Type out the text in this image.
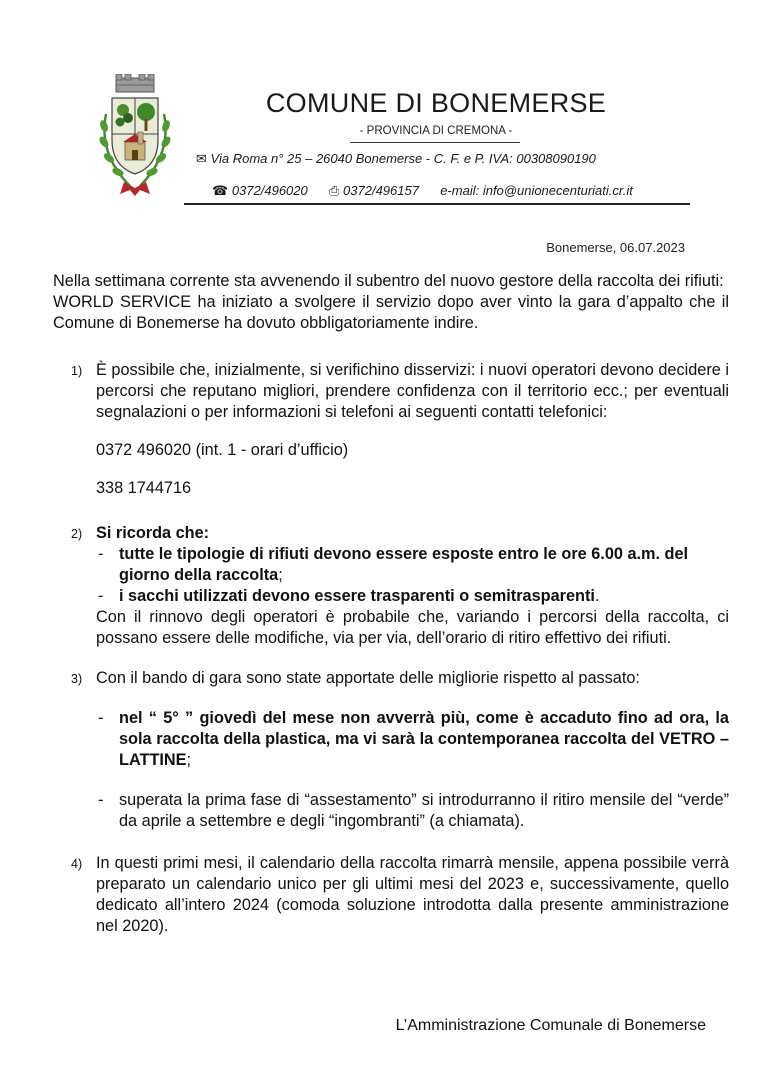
COMUNE DI BONEMERSE
- PROVINCIA DI CREMONA -
✉ Via Roma n° 25 – 26040 Bonemerse - C. F. e P. IVA: 00308090190
☎ 0372/496020 ⎙ 0372/496157 e-mail: info@unionecenturiati.cr.it
Bonemerse, 06.07.2023

Nella settimana corrente sta avvenendo il subentro del nuovo gestore della raccolta dei rifiuti:

WORLD SERVICE ha iniziato a svolgere il servizio dopo aver vinto la gara d’appalto che il Comune di Bonemerse ha dovuto obbligatoriamente indire.

1) È possibile che, inizialmente, si verifichino disservizi: i nuovi operatori devono decidere i percorsi che reputano migliori, prendere confidenza con il territorio ecc.; per eventuali segnalazioni o per informazioni si telefoni ai seguenti contatti telefonici:

0372 496020 (int. 1 - orari d’ufficio)

338 1744716

2) Si ricorda che:

- tutte le tipologie di rifiuti devono essere esposte entro le ore 6.00 a.m. del giorno della raccolta;
- i sacchi utilizzati devono essere trasparenti o semitrasparenti.

Con il rinnovo degli operatori è probabile che, variando i percorsi della raccolta, ci possano essere delle modifiche, via per via, dell’orario di ritiro effettivo dei rifiuti.

3) Con il bando di gara sono state apportate delle migliorie rispetto al passato:

- nel “ 5° ” giovedì del mese non avverrà più, come è accaduto fino ad ora, la sola raccolta della plastica, ma vi sarà la contemporanea raccolta del VETRO – LATTINE;
- superata la prima fase di “assestamento” si introdurranno il ritiro mensile del “verde” da aprile a settembre e degli “ingombranti” (a chiamata).
4) In questi primi mesi, il calendario della raccolta rimarrà mensile, appena possibile verrà preparato un calendario unico per gli ultimi mesi del 2023 e, successivamente, quello dedicato all’intero 2024 (comoda soluzione introdotta dalla presente amministrazione nel 2020).

L’Amministrazione Comunale di Bonemerse
